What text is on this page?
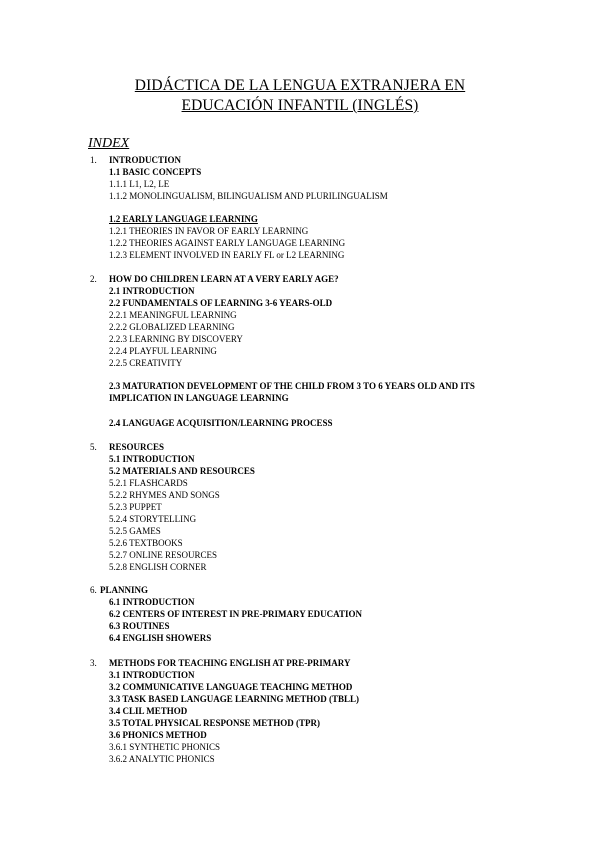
DIDÁCTICA DE LA LENGUA EXTRANJERA EN
EDUCACIÓN INFANTIL (INGLÉS)
INDEX
1. INTRODUCTION
1.1 BASIC CONCEPTS
1.1.1 L1, L2, LE
1.1.2 MONOLINGUALISM, BILINGUALISM AND PLURILINGUALISM
1.2 EARLY LANGUAGE LEARNING
1.2.1 THEORIES IN FAVOR OF EARLY LEARNING
1.2.2 THEORIES AGAINST EARLY LANGUAGE LEARNING
1.2.3 ELEMENT INVOLVED IN EARLY FL or L2 LEARNING
2. HOW DO CHILDREN LEARN AT A VERY EARLY AGE?
2.1 INTRODUCTION
2.2 FUNDAMENTALS OF LEARNING 3-6 YEARS-OLD
2.2.1 MEANINGFUL LEARNING
2.2.2 GLOBALIZED LEARNING
2.2.3 LEARNING BY DISCOVERY
2.2.4 PLAYFUL LEARNING
2.2.5 CREATIVITY
2.3 MATURATION DEVELOPMENT OF THE CHILD FROM 3 TO 6 YEARS OLD AND ITS IMPLICATION IN LANGUAGE LEARNING
2.4 LANGUAGE ACQUISITION/LEARNING PROCESS
5. RESOURCES
5.1 INTRODUCTION
5.2 MATERIALS AND RESOURCES
5.2.1 FLASHCARDS
5.2.2 RHYMES AND SONGS
5.2.3 PUPPET
5.2.4 STORYTELLING
5.2.5 GAMES
5.2.6 TEXTBOOKS
5.2.7 ONLINE RESOURCES
5.2.8 ENGLISH CORNER
6. PLANNING
6.1 INTRODUCTION
6.2 CENTERS OF INTEREST IN PRE-PRIMARY EDUCATION
6.3 ROUTINES
6.4 ENGLISH SHOWERS
3. METHODS FOR TEACHING ENGLISH AT PRE-PRIMARY
3.1 INTRODUCTION
3.2 COMMUNICATIVE LANGUAGE TEACHING METHOD
3.3 TASK BASED LANGUAGE LEARNING METHOD (TBLL)
3.4 CLIL METHOD
3.5 TOTAL PHYSICAL RESPONSE METHOD (TPR)
3.6 PHONICS METHOD
3.6.1 SYNTHETIC PHONICS
3.6.2 ANALYTIC PHONICS
